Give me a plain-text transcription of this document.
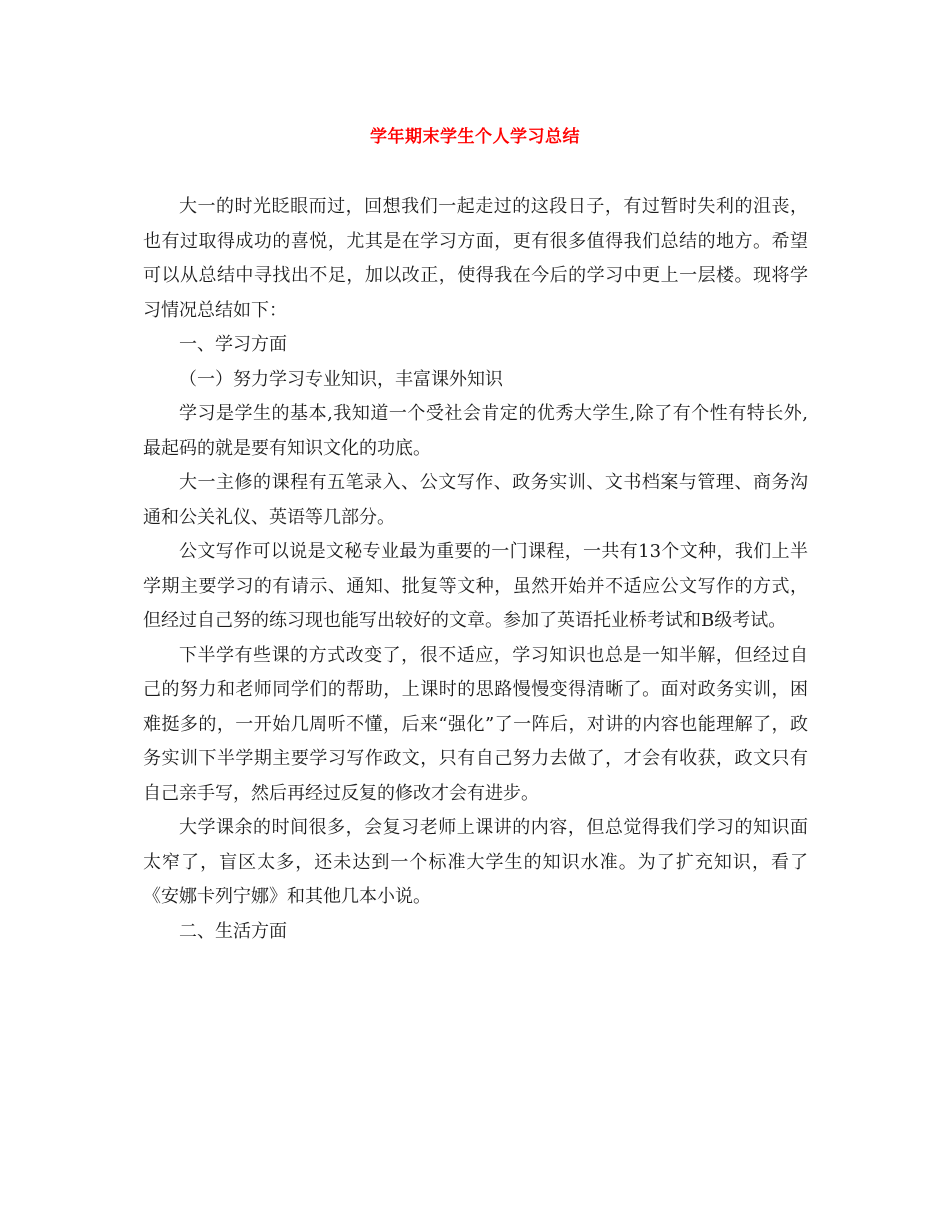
学年期末学生个人学习总结

大一的时光眨眼而过，回想我们一起走过的这段日子，有过暂时失利的沮丧，也有过取得成功的喜悦，尤其是在学习方面，更有很多值得我们总结的地方。希望可以从总结中寻找出不足，加以改正，使得我在今后的学习中更上一层楼。现将学习情况总结如下：

一、学习方面

（一）努力学习专业知识，丰富课外知识

学习是学生的基本,我知道一个受社会肯定的优秀大学生,除了有个性有特长外,最起码的就是要有知识文化的功底。

大一主修的课程有五笔录入、公文写作、政务实训、文书档案与管理、商务沟通和公关礼仪、英语等几部分。

公文写作可以说是文秘专业最为重要的一门课程，一共有13个文种，我们上半学期主要学习的有请示、通知、批复等文种，虽然开始并不适应公文写作的方式，但经过自己努的练习现也能写出较好的文章。参加了英语托业桥考试和B级考试。

下半学有些课的方式改变了，很不适应，学习知识也总是一知半解，但经过自己的努力和老师同学们的帮助，上课时的思路慢慢变得清晰了。面对政务实训，困难挺多的，一开始几周听不懂，后来“强化”了一阵后，对讲的内容也能理解了，政务实训下半学期主要学习写作政文，只有自己努力去做了，才会有收获，政文只有自己亲手写，然后再经过反复的修改才会有进步。

大学课余的时间很多，会复习老师上课讲的内容，但总觉得我们学习的知识面太窄了，盲区太多，还未达到一个标准大学生的知识水准。为了扩充知识，看了《安娜卡列宁娜》和其他几本小说。

二、生活方面
